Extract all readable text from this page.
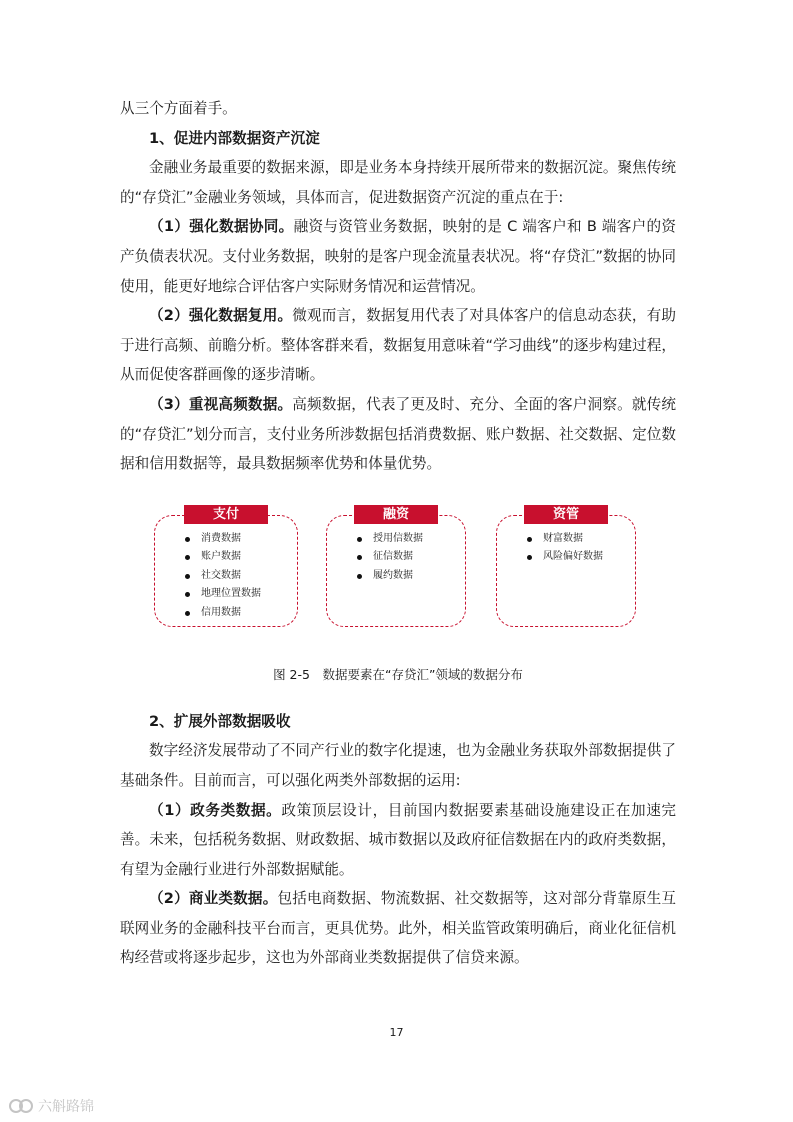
从三个方面着手。

1、促进内部数据资产沉淀

金融业务最重要的数据来源，即是业务本身持续开展所带来的数据沉淀。聚焦传统的“存贷汇”金融业务领域，具体而言，促进数据资产沉淀的重点在于:

（1）强化数据协同。融资与资管业务数据，映射的是 C 端客户和 B 端客户的资产负债表状况。支付业务数据，映射的是客户现金流量表状况。将“存贷汇”数据的协同使用，能更好地综合评估客户实际财务情况和运营情况。

（2）强化数据复用。微观而言，数据复用代表了对具体客户的信息动态获，有助于进行高频、前瞻分析。整体客群来看，数据复用意味着“学习曲线”的逐步构建过程，从而促使客群画像的逐步清晰。

（3）重视高频数据。高频数据，代表了更及时、充分、全面的客户洞察。就传统的“存贷汇”划分而言，支付业务所涉数据包括消费数据、账户数据、社交数据、定位数据和信用数据等，最具数据频率优势和体量优势。

支付
消费数据
账户数据
社交数据
地理位置数据
信用数据
融资
授用信数据
征信数据
履约数据
资管
财富数据
风险偏好数据
图 2-5　数据要素在“存贷汇”领域的数据分布
2、扩展外部数据吸收

数字经济发展带动了不同产行业的数字化提速，也为金融业务获取外部数据提供了基础条件。目前而言，可以强化两类外部数据的运用:

（1）政务类数据。政策顶层设计，目前国内数据要素基础设施建设正在加速完善。未来，包括税务数据、财政数据、城市数据以及政府征信数据在内的政府类数据，有望为金融行业进行外部数据赋能。

（2）商业类数据。包括电商数据、物流数据、社交数据等，这对部分背靠原生互联网业务的金融科技平台而言，更具优势。此外，相关监管政策明确后，商业化征信机构经营或将逐步起步，这也为外部商业类数据提供了信贷来源。

17
六斛路锦
